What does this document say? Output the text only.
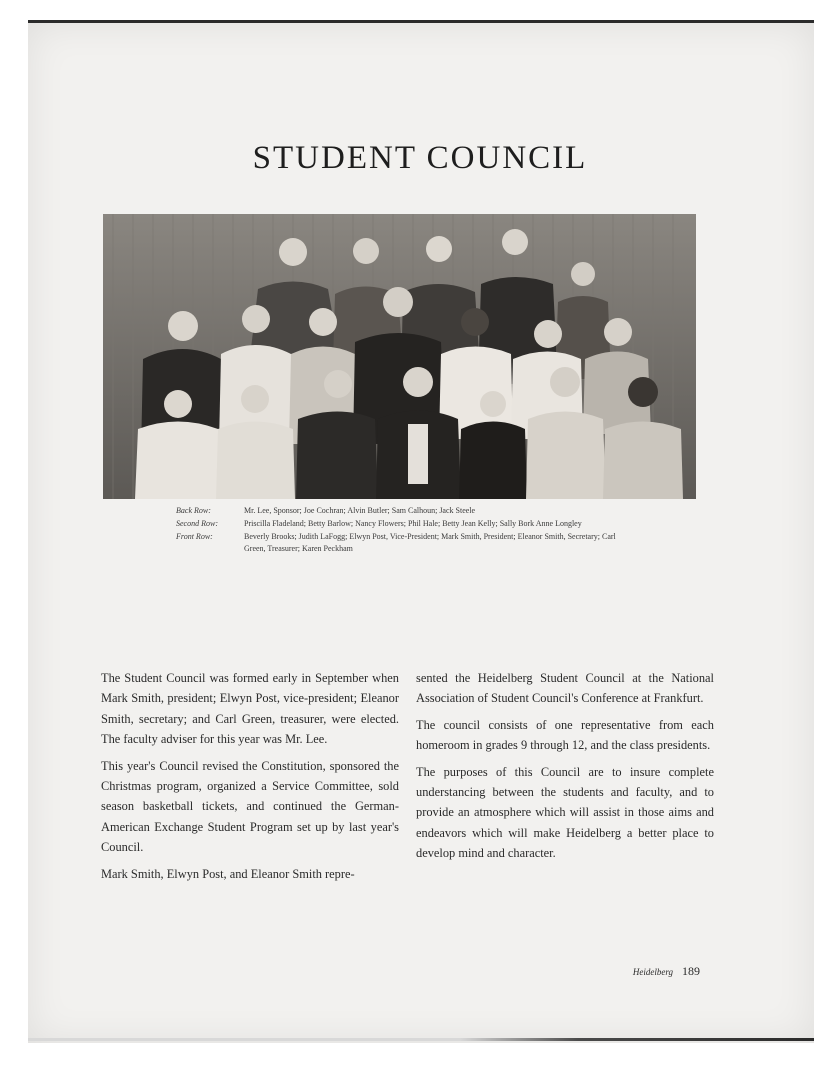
STUDENT COUNCIL
Back Row:	Mr. Lee, Sponsor; Joe Cochran; Alvin Butler; Sam Calhoun; Jack Steele
Second Row:	Priscilla Fladeland; Betty Barlow; Nancy Flowers; Phil Hale; Betty Jean Kelly; Sally Bork Anne Longley
Front Row:	Beverly Brooks; Judith LaFogg; Elwyn Post, Vice-President; Mark Smith, President; Eleanor Smith, Secretary; Carl Green, Treasurer; Karen Peckham

The Student Council was formed early in September when Mark Smith, president; Elwyn Post, vice-president; Eleanor Smith, secretary; and Carl Green, treasurer, were elected. The faculty adviser for this year was Mr. Lee.

This year's Council revised the Constitution, sponsored the Christmas program, organized a Service Committee, sold season basketball tickets, and continued the German-American Exchange Student Program set up by last year's Council.

Mark Smith, Elwyn Post, and Eleanor Smith repre-

sented the Heidelberg Student Council at the National Association of Student Council's Conference at Frankfurt.

The council consists of one representative from each homeroom in grades 9 through 12, and the class presidents.

The purposes of this Council are to insure complete understancing between the students and faculty, and to provide an atmosphere which will assist in those aims and endeavors which will make Heidelberg a better place to develop mind and character.

Heidelberg 189
